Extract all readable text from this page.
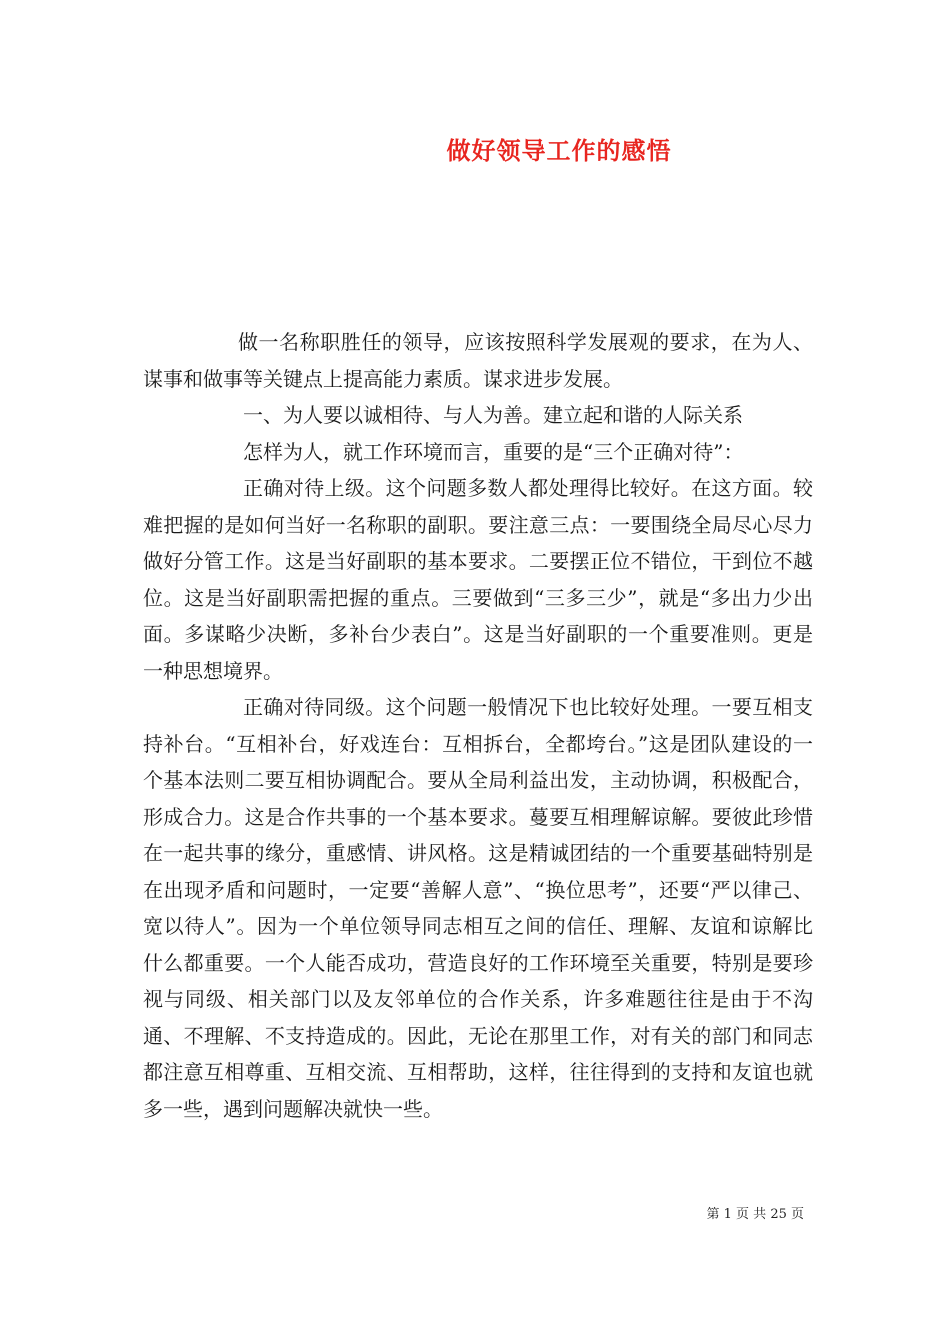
做好领导工作的感悟

做一名称职胜任的领导，应该按照科学发展观的要求，在为人、谋事和做事等关键点上提高能力素质。谋求进步发展。

一、为人要以诚相待、与人为善。建立起和谐的人际关系

怎样为人，就工作环境而言，重要的是“三个正确对待”：

正确对待上级。这个问题多数人都处理得比较好。在这方面。较难把握的是如何当好一名称职的副职。要注意三点：一要围绕全局尽心尽力做好分管工作。这是当好副职的基本要求。二要摆正位不错位，干到位不越位。这是当好副职需把握的重点。三要做到“三多三少”，就是“多出力少出面。多谋略少决断，多补台少表白”。这是当好副职的一个重要准则。更是一种思想境界。

正确对待同级。这个问题一般情况下也比较好处理。一要互相支持补台。“互相补台，好戏连台：互相拆台，全都垮台。”这是团队建设的一个基本法则二要互相协调配合。要从全局利益出发，主动协调，积极配合，形成合力。这是合作共事的一个基本要求。蔓要互相理解谅解。要彼此珍惜在一起共事的缘分，重感情、讲风格。这是精诚团结的一个重要基础特别是在出现矛盾和问题时，一定要“善解人意”、“换位思考”，还要“严以律己、宽以待人”。因为一个单位领导同志相互之间的信任、理解、友谊和谅解比什么都重要。一个人能否成功，营造良好的工作环境至关重要，特别是要珍视与同级、相关部门以及友邻单位的合作关系，许多难题往往是由于不沟通、不理解、不支持造成的。因此，无论在那里工作，对有关的部门和同志都注意互相尊重、互相交流、互相帮助，这样，往往得到的支持和友谊也就多一些，遇到问题解决就快一些。

第 1 页 共 25 页
